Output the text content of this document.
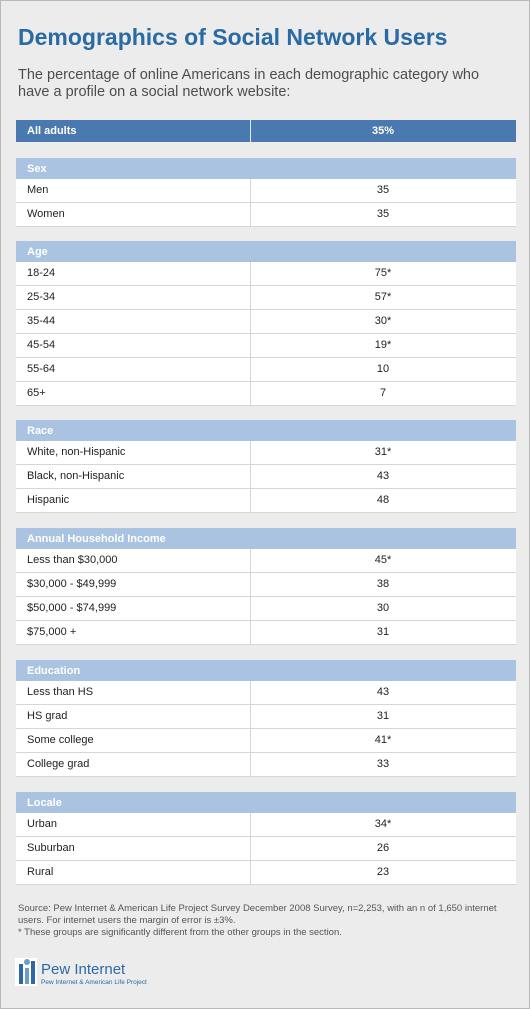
Demographics of Social Network Users
The percentage of online Americans in each demographic category who have a profile on a social network website:
All adults	35%
Sex
Men	35
Women	35
Age
18-24	75*
25-34	57*
35-44	30*
45-54	19*
55-64	10
65+	7
Race
White, non-Hispanic	31*
Black, non-Hispanic	43
Hispanic	48
Annual Household Income
Less than $30,000	45*
$30,000 - $49,999	38
$50,000 - $74,999	30
$75,000 +	31
Education
Less than HS	43
HS grad	31
Some college	41*
College grad	33
Locale
Urban	34*
Suburban	26
Rural	23
Source: Pew Internet & American Life Project Survey December 2008 Survey, n=2,253, with an n of 1,650 internet users. For internet users the margin of error is ±3%.
* These groups are significantly different from the other groups in the section.
Pew Internet
Pew Internet & American Life Project
